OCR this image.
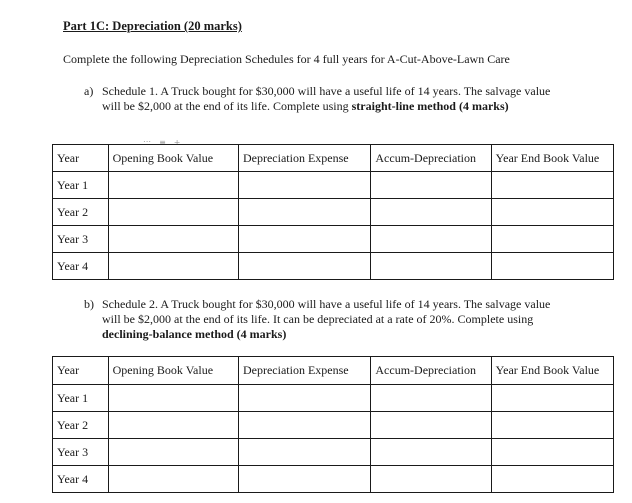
Part 1C: Depreciation (20 marks)

Complete the following Depreciation Schedules for 4 full years for A-Cut-Above-Lawn Care

a) Schedule 1. A Truck bought for $30,000 will have a useful life of 14 years. The salvage value will be $2,000 at the end of its life. Complete using straight-line method (4 marks)
::: ≡ +
Year	Opening Book Value	Depreciation Expense	Accum-Depreciation	Year End Book Value
Year 1				
Year 2				
Year 3				
Year 4				
b) Schedule 2. A Truck bought for $30,000 will have a useful life of 14 years. The salvage value will be $2,000 at the end of its life. It can be depreciated at a rate of 20%. Complete using declining-balance method (4 marks)
Year	Opening Book Value	Depreciation Expense	Accum-Depreciation	Year End Book Value
Year 1				
Year 2				
Year 3				
Year 4				
